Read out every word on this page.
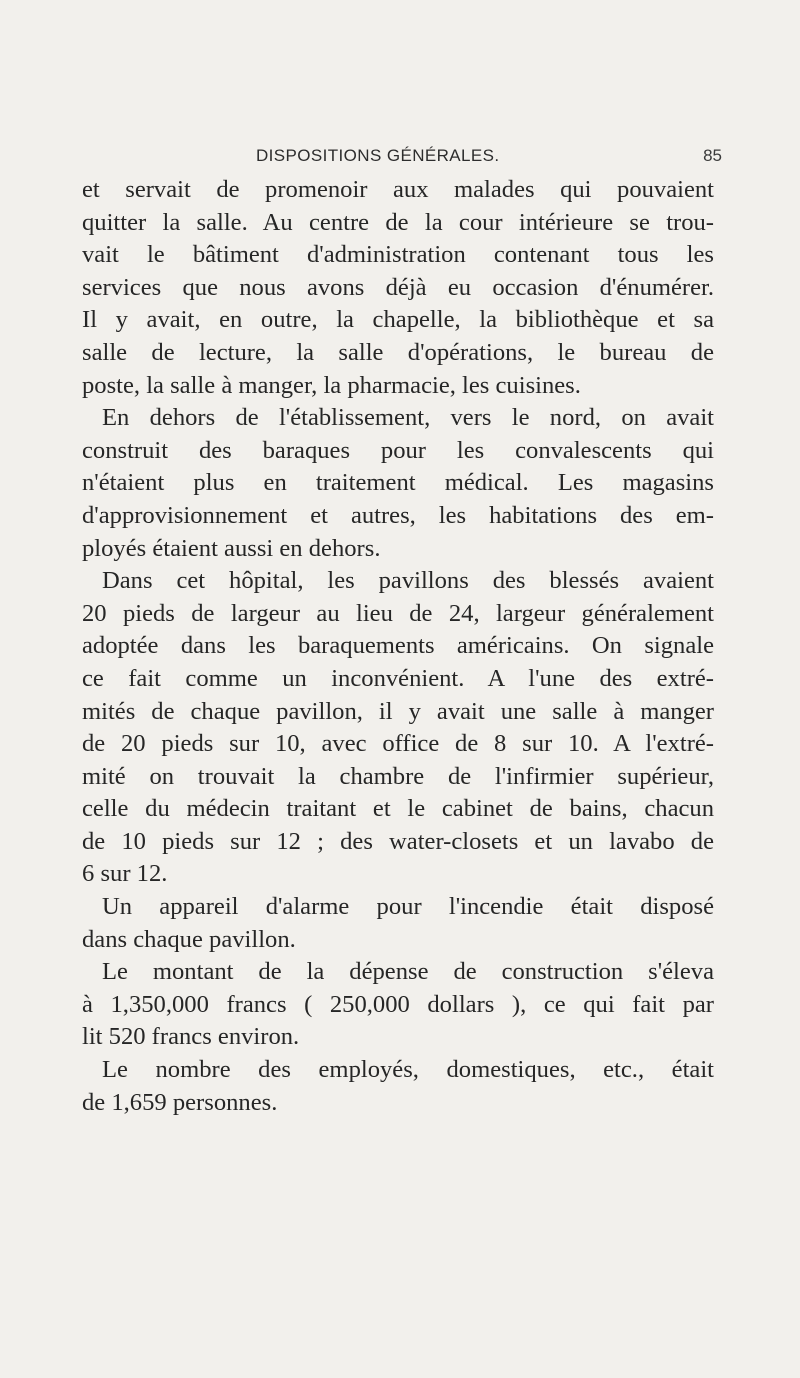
DISPOSITIONS GÉNÉRALES.	85
et servait de promenoir aux malades qui pouvaient
quitter la salle. Au centre de la cour intérieure se trou-
vait le bâtiment d'administration contenant tous les
services que nous avons déjà eu occasion d'énumérer.
Il y avait, en outre, la chapelle, la bibliothèque et sa
salle de lecture, la salle d'opérations, le bureau de
poste, la salle à manger, la pharmacie, les cuisines.
En dehors de l'établissement, vers le nord, on avait
construit des baraques pour les convalescents qui
n'étaient plus en traitement médical. Les magasins
d'approvisionnement et autres, les habitations des em-
ployés étaient aussi en dehors.
Dans cet hôpital, les pavillons des blessés avaient
20 pieds de largeur au lieu de 24, largeur généralement
adoptée dans les baraquements américains. On signale
ce fait comme un inconvénient. A l'une des extré-
mités de chaque pavillon, il y avait une salle à manger
de 20 pieds sur 10, avec office de 8 sur 10. A l'extré-
mité on trouvait la chambre de l'infirmier supérieur,
celle du médecin traitant et le cabinet de bains, chacun
de 10 pieds sur 12 ; des water-closets et un lavabo de
6 sur 12.
Un appareil d'alarme pour l'incendie était disposé
dans chaque pavillon.
Le montant de la dépense de construction s'éleva
à 1,350,000 francs ( 250,000 dollars ), ce qui fait par
lit 520 francs environ.
Le nombre des employés, domestiques, etc., était
de 1,659 personnes.
